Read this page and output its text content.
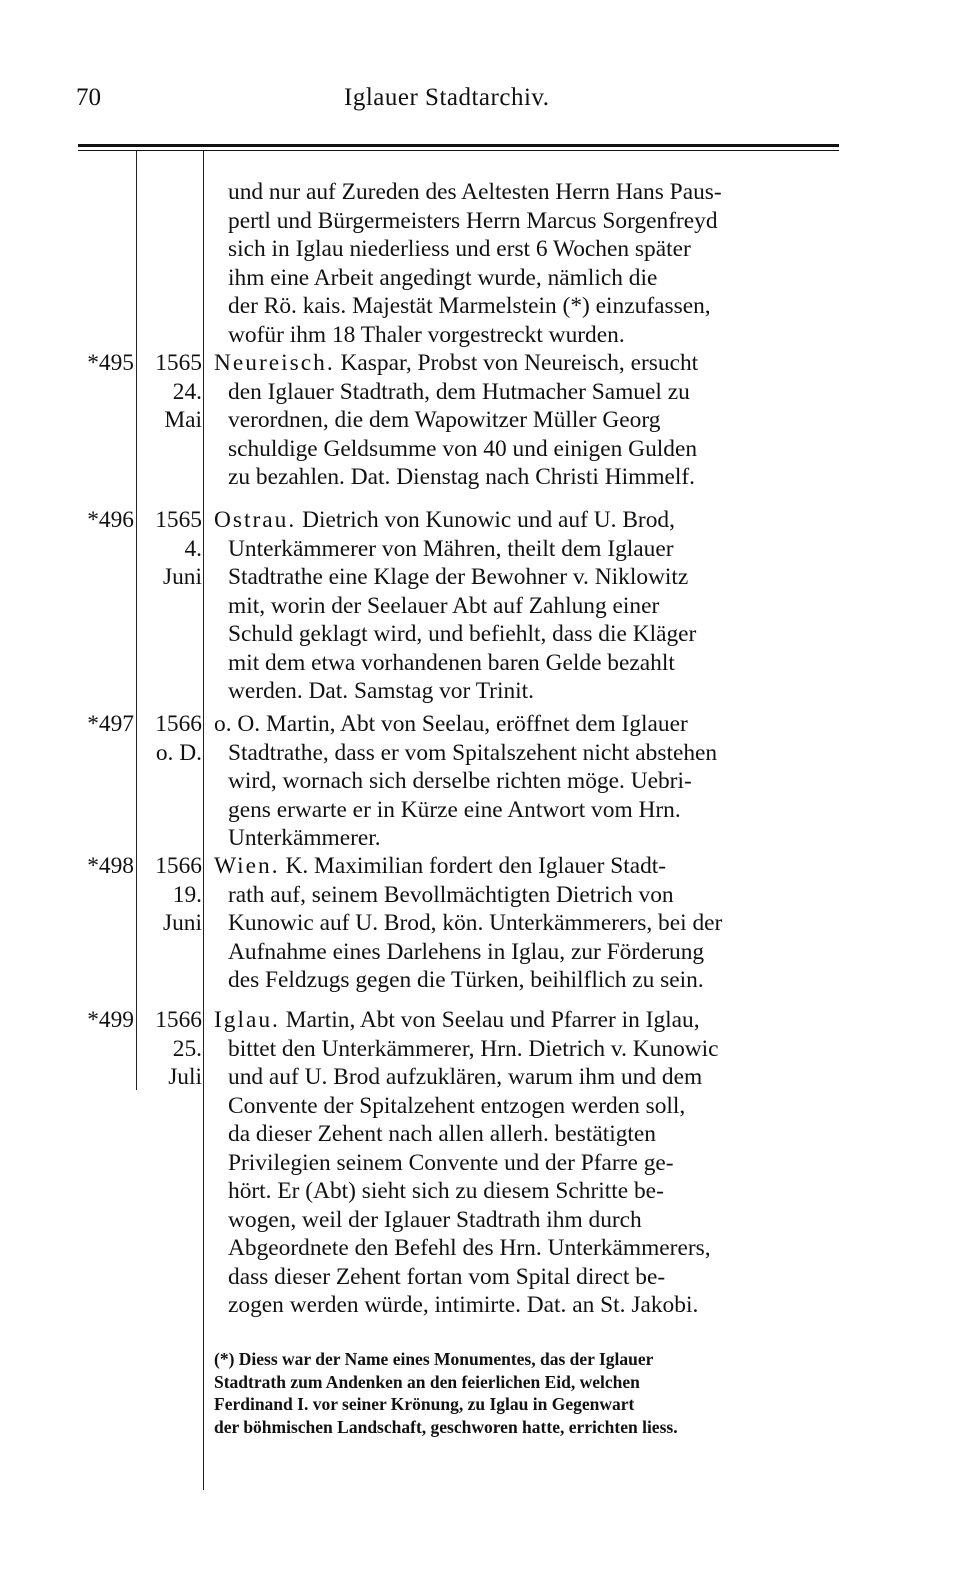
70	Iglauer Stadtarchiv.
und nur auf Zureden des Aeltesten Herrn Hans Paus-
pertl und Bürgermeisters Herrn Marcus Sorgenfreyd
sich in Iglau niederliess und erst 6 Wochen später
ihm eine Arbeit angedingt wurde, nämlich die
der Rö. kais. Majestät Marmelstein (*) einzufassen,
wofür ihm 18 Thaler vorgestreckt wurden.
*495 1565
24.
Mai
Neureisch. Kaspar, Probst von Neureisch, ersucht
den Iglauer Stadtrath, dem Hutmacher Samuel zu
verordnen, die dem Wapowitzer Müller Georg
schuldige Geldsumme von 40 und einigen Gulden
zu bezahlen. Dat. Dienstag nach Christi Himmelf.
*496 1565
4.
Juni
Ostrau. Dietrich von Kunowic und auf U. Brod,
Unterkämmerer von Mähren, theilt dem Iglauer
Stadtrathe eine Klage der Bewohner v. Niklowitz
mit, worin der Seelauer Abt auf Zahlung einer
Schuld geklagt wird, und befiehlt, dass die Kläger
mit dem etwa vorhandenen baren Gelde bezahlt
werden. Dat. Samstag vor Trinit.
*497 1566
o. D.
o. O. Martin, Abt von Seelau, eröffnet dem Iglauer
Stadtrathe, dass er vom Spitalszehent nicht abstehen
wird, wornach sich derselbe richten möge. Uebri-
gens erwarte er in Kürze eine Antwort vom Hrn.
Unterkämmerer.
*498 1566
19.
Juni
Wien. K. Maximilian fordert den Iglauer Stadt-
rath auf, seinem Bevollmächtigten Dietrich von
Kunowic auf U. Brod, kön. Unterkämmerers, bei der
Aufnahme eines Darlehens in Iglau, zur Förderung
des Feldzugs gegen die Türken, beihilflich zu sein.
*499 1566
25.
Juli
Iglau. Martin, Abt von Seelau und Pfarrer in Iglau,
bittet den Unterkämmerer, Hrn. Dietrich v. Kunowic
und auf U. Brod aufzuklären, warum ihm und dem
Convente der Spitalzehent entzogen werden soll,
da dieser Zehent nach allen allerh. bestätigten
Privilegien seinem Convente und der Pfarre ge-
hört. Er (Abt) sieht sich zu diesem Schritte be-
wogen, weil der Iglauer Stadtrath ihm durch
Abgeordnete den Befehl des Hrn. Unterkämmerers,
dass dieser Zehent fortan vom Spital direct be-
zogen werden würde, intimirte. Dat. an St. Jakobi.
(*) Diess war der Name eines Monumentes, das der Iglauer
Stadtrath zum Andenken an den feierlichen Eid, welchen
Ferdinand I. vor seiner Krönung, zu Iglau in Gegenwart
der böhmischen Landschaft, geschworen hatte, errichten liess.
